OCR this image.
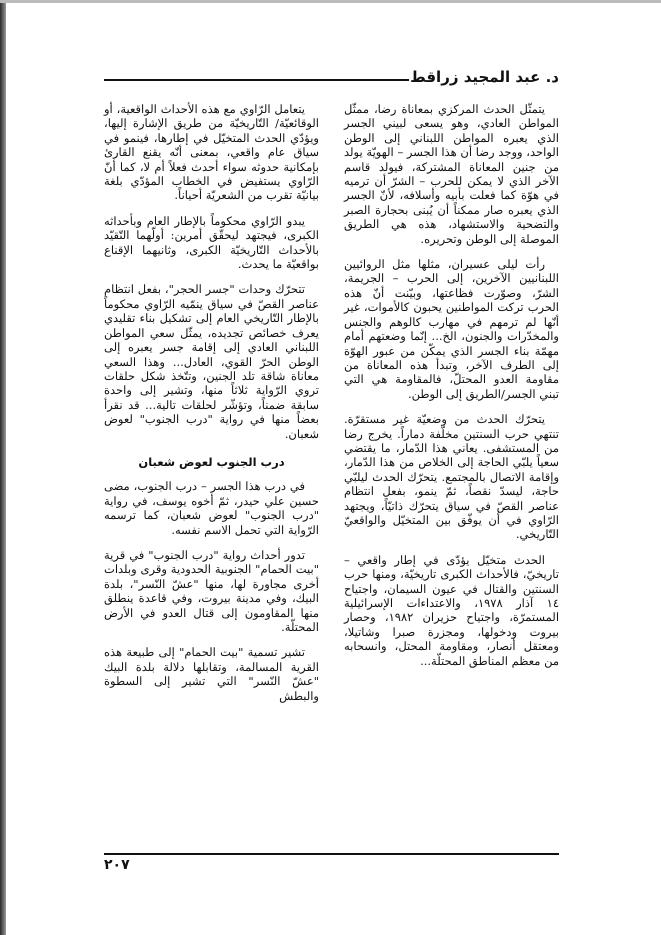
د. عبد المجيد زراقط

يتمثّل الحدث المركزي بمعاناة رضا، ممثّل المواطن العادي، وهو يسعى لبيني الجسر الذي يعبره المواطن اللبناني إلى الوطن الواحد، ووجد رضا أن هذا الجسر – الهويّة يولد من جنين المعاناة المشتركة، فيولد قاسم الآخر الذي لا يمكن للحرب – الشرّ أن ترميه في هوّة كما فعلت بأبيه وأسلافه، لأنّ الجسر الذي يعبره صار ممكناً أن يُبنى بحجارة الصبر والتضحية والاستشهاد، هذه هي الطريق الموصلة إلى الوطن وتحريره.

رأت ليلى عسيران، مثلها مثل الروائيين اللبنانيين الآخرين، إلى الحرب – الجريمة، الشرّ، وصوّرت فظاعتها، وبيّنت أنّ هذه الحرب تركت المواطنين يحبون كالأموات، غير أنّها لم ترمهم في مهارب كالوهم والجنس والمخدّرات والجنون، الخ... إنّما وضعتهم أمام مهمّة بناء الجسر الذي يمكّن من عبور الهوّة إلى الطرف الآخر، وتبدأ هذه المعاناة من مقاومة العدو المحتلّ، فالمقاومة هي التي تبني الجسر/الطريق إلى الوطن.

يتحرّك الحدث من وضعيّة غير مستقرّة. تنتهي حرب السنتين مخلّفة دماراً. يخرج رضا من المستشفى. يعاني هذا الدّمار، ما يقتضي سعياً يلبّي الحاجة إلى الخلاص من هذا الدّمار، وإقامة الاتصال بالمجتمع. يتحرّك الحدث ليلبّي حاجة، ليسدّ نقصاً، ثمّ ينمو، بفعل انتظام عناصر القصّ في سياق يتحرّك ذاتيّاً، ويجتهد الرّاوي في أن يوفّق بين المتخيّل والواقعيّ التّاريخي.

الحدث متخيّل يؤدّى في إطار واقعي – تاريخيّ، فالأحداث الكبرى تاريخيّة، ومنها حرب السنتين والقتال في عيون السيمان، واجتياح ١٤ آذار ١٩٧٨، والاعتداءات الإسرائيلية المستمرّة، واجتياح حزيران ١٩٨٢، وحصار بيروت ودخولها، ومجزرة صبرا وشاتيلا، ومعتقل أنصار، ومقاومة المحتل، وانسحابه من معظم المناطق المحتلّة...

يتعامل الرّاوي مع هذه الأحداث الواقعية، أو الوقائعيّة/ التّاريخيّة من طريق الإشارة إليها، ويؤدّي الحدث المتخيّل في إطارها، فينمو في سياق عام واقعي، بمعنى أنّه يقنع القارئ بإمكانية حدوثه سواء أحدث فعلاً أم لا، كما أنّ الرّاوي يستفيض في الخطاب المؤدّي بلغة بيانيّة تقرب من الشعريّة أحياناً.

يبدو الرّاوي محكوماً بالإطار العام وبأحداثه الكبرى، فيجتهد ليحقّق أمرين: أولّهما التّقيّد بالأحداث التّاريخيّة الكبرى، وثانيهما الإقناع بواقعيّة ما يحدث.

تتحرّك وحدات "جسر الحجر"، بفعل انتظام عناصر القصّ في سياق ينمّيه الرّاوي محكوماً بالإطار التّاريخي العام إلى تشكيل بناء تقليدي يعرف خصائص تجديده، يمثّل سعي المواطن اللبناني العادي إلى إقامة جسر يعبره إلى الوطن الحرّ القوي، العادل... وهذا السعي معاناة شاقة تلد الجنين، وتتّخذ شكل حلقات تروي الرّواية ثلاثاً منها، وتشير إلى واحدة سابقة ضمناً، وتؤشّر لحلقات تالية... قد نقرأ بعضاً منها في رواية "درب الجنوب" لعوض شعبان.

درب الجنوب لعوض شعبان

في درب هذا الجسر – درب الجنوب، مضى حسين علي حيدر، ثمّ أخوه يوسف، في رواية "درب الجنوب" لعوض شعبان، كما ترسمه الرّواية التي تحمل الاسم نفسه.

تدور أحداث رواية "درب الجنوب" في قرية "بيت الحمام" الجنوبية الحدودية وقرى وبلدات أخرى مجاورة لها، منها "عشّ النّسر"، بلدة البيك، وفي مدينة بيروت، وفي قاعدة ينطلق منها المقاومون إلى قتال العدو في الأرض المحتلّة.

تشير تسمية "بيت الحمام" إلى طبيعة هذه القرية المسالمة، وتقابلها دلالة بلدة البيك "عشّ النّسر" التي تشير إلى السطوة والبطش

٢٠٧
